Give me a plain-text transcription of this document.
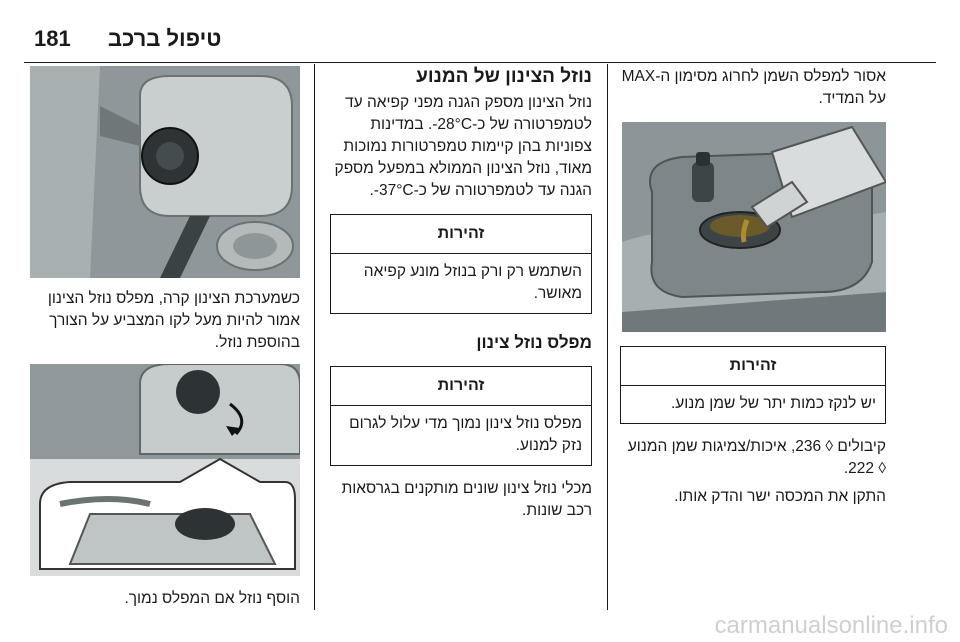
181 טיפול ברכב

אסור למפלס השמן לחרוג מסימון ה-MAX על המדיד.

זהירות
יש לנקז כמות יתר של שמן מנוע.

קיבולים ◊ 236, איכות/צמיגות שמן המנוע ◊ 222.

התקן את המכסה ישר והדק אותו.

נוזל הצינון של המנוע

נוזל הצינון מספק הגנה מפני קפיאה עד לטמפרטורה של כ-28°C-. במדינות צפוניות בהן קיימות טמפרטורות נמוכות מאוד, נוזל הצינון הממולא במפעל מספק הגנה עד לטמפרטורה של כ-37°C-.

זהירות
השתמש רק ורק בנוזל מונע קפיאה מאושר.
מפלס נוזל צינון
זהירות
מפלס נוזל צינון נמוך מדי עלול לגרום נזק למנוע.

מכלי נוזל צינון שונים מותקנים בגרסאות רכב שונות.

כשמערכת הצינון קרה, מפלס נוזל הצינון אמור להיות מעל לקו המצביע על הצורך בהוספת נוזל.

הוסף נוזל אם המפלס נמוך.

carmanualsonline.info
